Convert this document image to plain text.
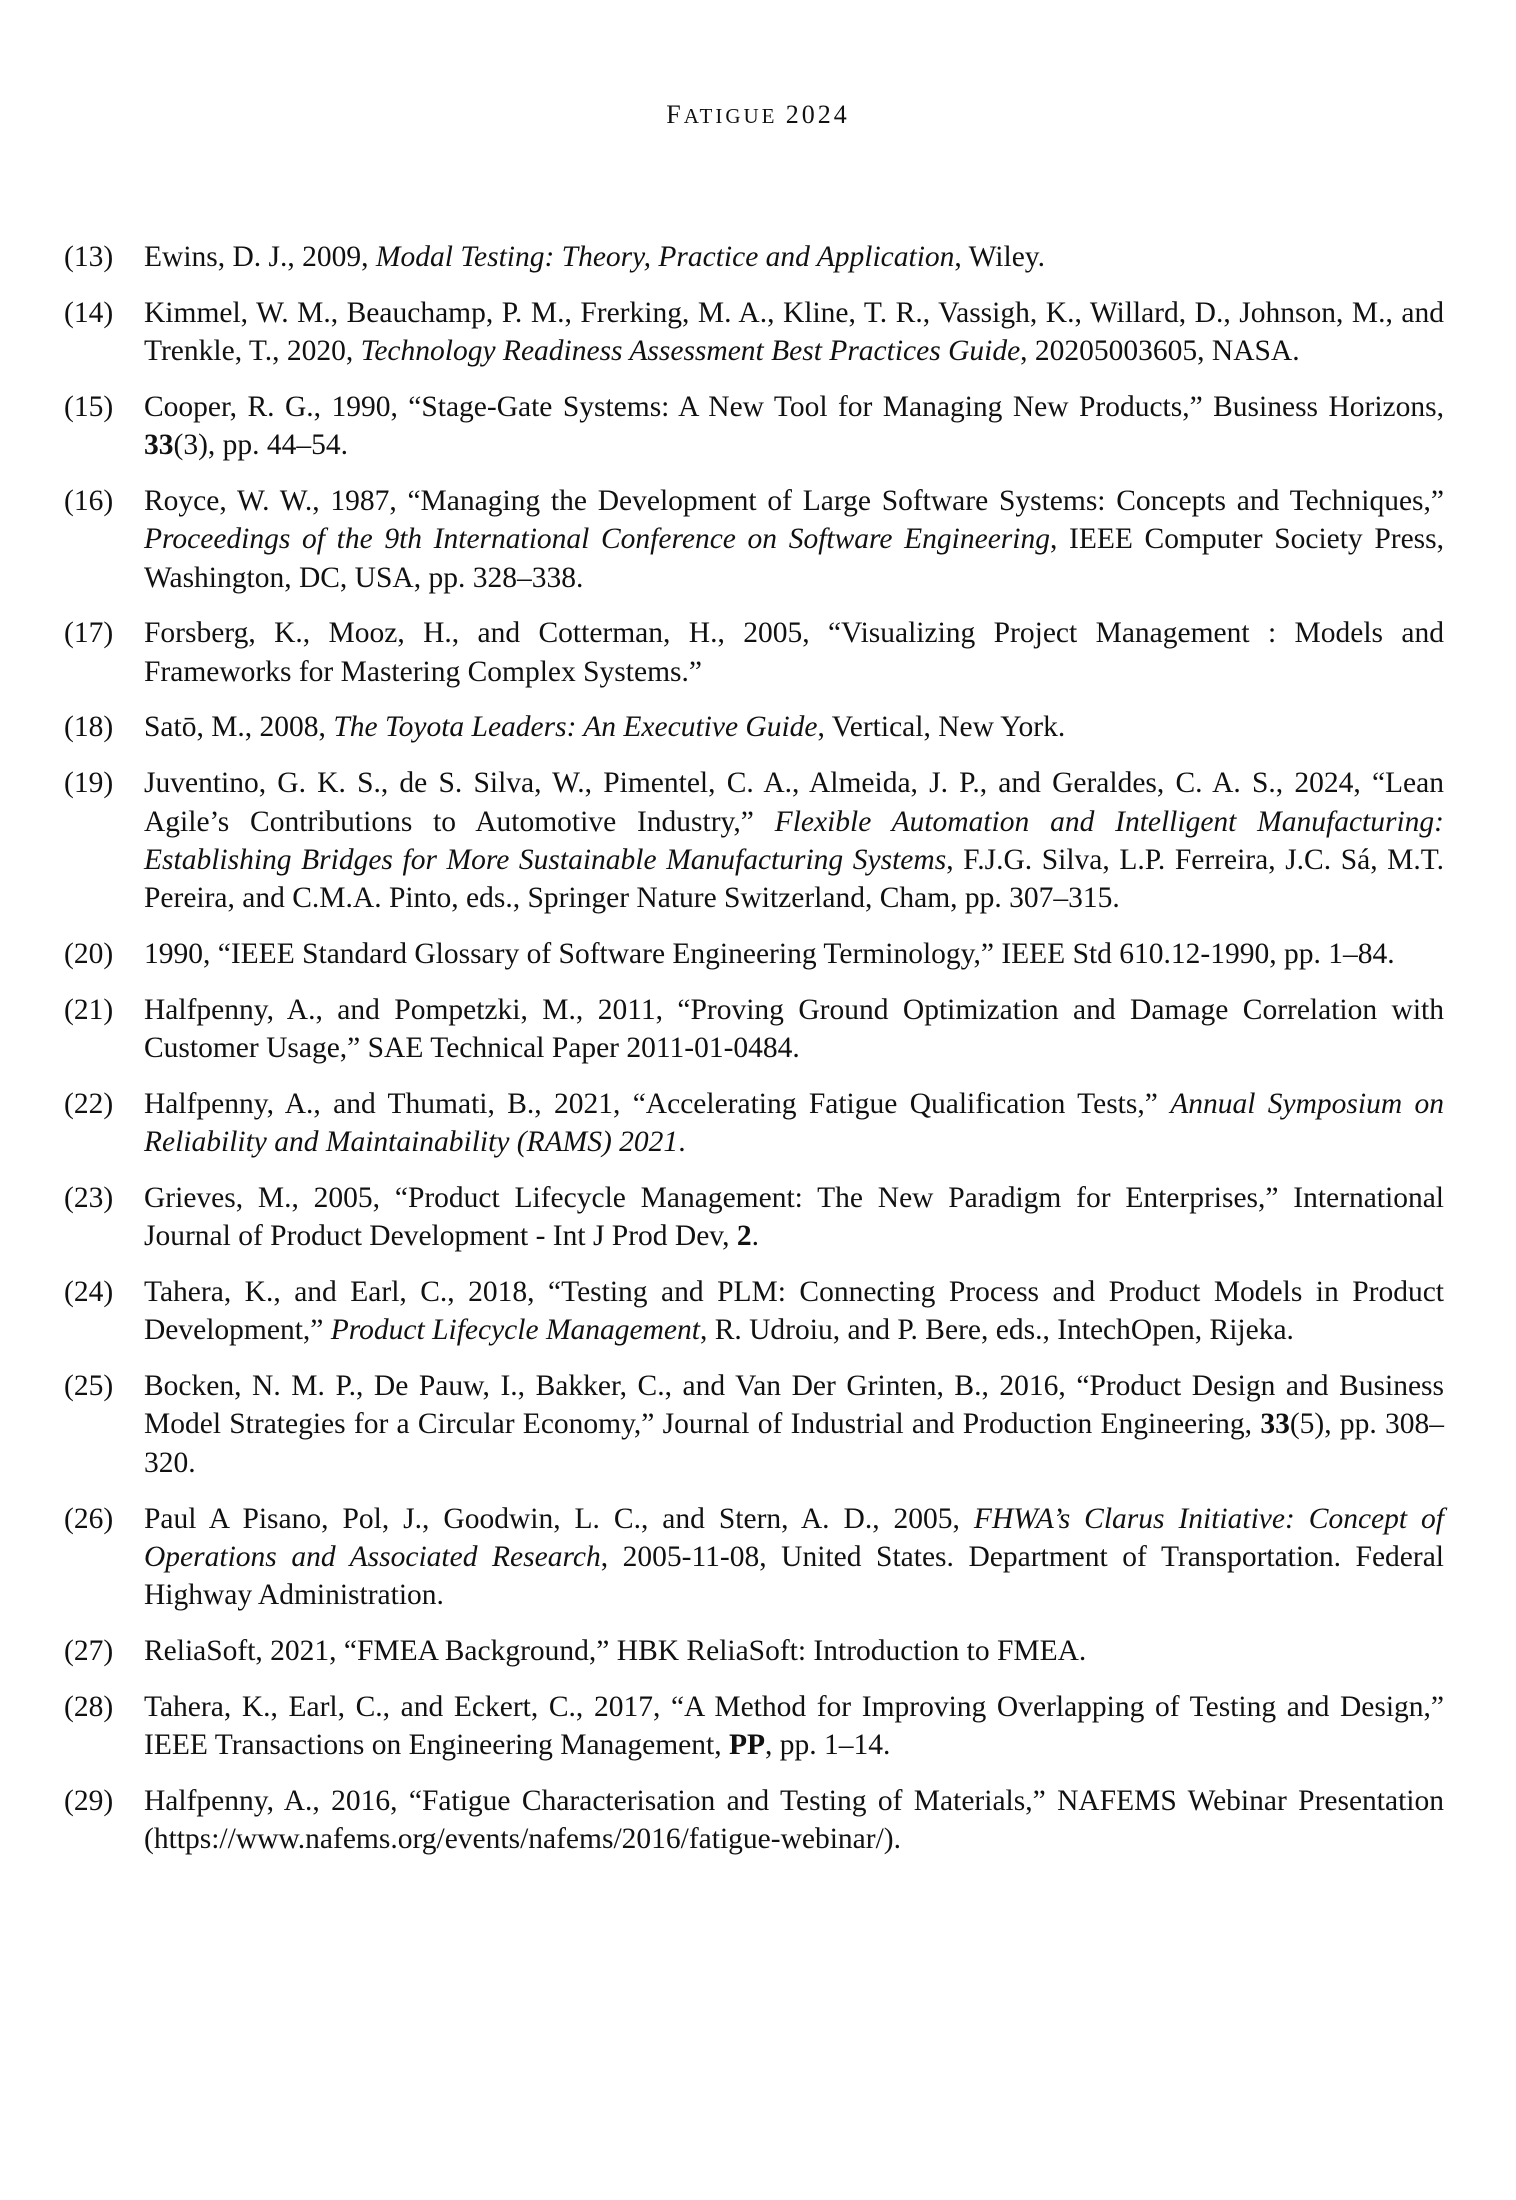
FATIGUE 2024
(13)	Ewins, D. J., 2009, Modal Testing: Theory, Practice and Application, Wiley.
(14)	Kimmel, W. M., Beauchamp, P. M., Frerking, M. A., Kline, T. R., Vassigh, K., Willard, D., Johnson, M., and Trenkle, T., 2020, Technology Readiness Assessment Best Practices Guide, 20205003605, NASA.
(15)	Cooper, R. G., 1990, “Stage-Gate Systems: A New Tool for Managing New Products,” Business Horizons, 33(3), pp. 44–54.
(16)	Royce, W. W., 1987, “Managing the Development of Large Software Systems: Concepts and Techniques,” Proceedings of the 9th International Conference on Software Engineering, IEEE Computer Society Press, Washington, DC, USA, pp. 328–338.
(17)	Forsberg, K., Mooz, H., and Cotterman, H., 2005, “Visualizing Project Management : Models and Frameworks for Mastering Complex Systems.”
(18)	Satō, M., 2008, The Toyota Leaders: An Executive Guide, Vertical, New York.
(19)	Juventino, G. K. S., de S. Silva, W., Pimentel, C. A., Almeida, J. P., and Geraldes, C. A. S., 2024, “Lean Agile’s Contributions to Automotive Industry,” Flexible Automation and Intelligent Manufacturing: Establishing Bridges for More Sustainable Manufacturing Systems, F.J.G. Silva, L.P. Ferreira, J.C. Sá, M.T. Pereira, and C.M.A. Pinto, eds., Springer Nature Switzerland, Cham, pp. 307–315.
(20)	1990, “IEEE Standard Glossary of Software Engineering Terminology,” IEEE Std 610.12-1990, pp. 1–84.
(21)	Halfpenny, A., and Pompetzki, M., 2011, “Proving Ground Optimization and Damage Correlation with Customer Usage,” SAE Technical Paper 2011-01-0484.
(22)	Halfpenny, A., and Thumati, B., 2021, “Accelerating Fatigue Qualification Tests,” Annual Symposium on Reliability and Maintainability (RAMS) 2021.
(23)	Grieves, M., 2005, “Product Lifecycle Management: The New Paradigm for Enterprises,” International Journal of Product Development - Int J Prod Dev, 2.
(24)	Tahera, K., and Earl, C., 2018, “Testing and PLM: Connecting Process and Product Models in Product Development,” Product Lifecycle Management, R. Udroiu, and P. Bere, eds., IntechOpen, Rijeka.
(25)	Bocken, N. M. P., De Pauw, I., Bakker, C., and Van Der Grinten, B., 2016, “Product Design and Business Model Strategies for a Circular Economy,” Journal of Industrial and Production Engineering, 33(5), pp. 308–320.
(26)	Paul A Pisano, Pol, J., Goodwin, L. C., and Stern, A. D., 2005, FHWA’s Clarus Initiative: Concept of Operations and Associated Research, 2005-11-08, United States. Department of Transportation. Federal Highway Administration.
(27)	ReliaSoft, 2021, “FMEA Background,” HBK ReliaSoft: Introduction to FMEA.
(28)	Tahera, K., Earl, C., and Eckert, C., 2017, “A Method for Improving Overlapping of Testing and Design,” IEEE Transactions on Engineering Management, PP, pp. 1–14.
(29)	Halfpenny, A., 2016, “Fatigue Characterisation and Testing of Materials,” NAFEMS Webinar Presentation (https://www.nafems.org/events/nafems/2016/fatigue-webinar/).
